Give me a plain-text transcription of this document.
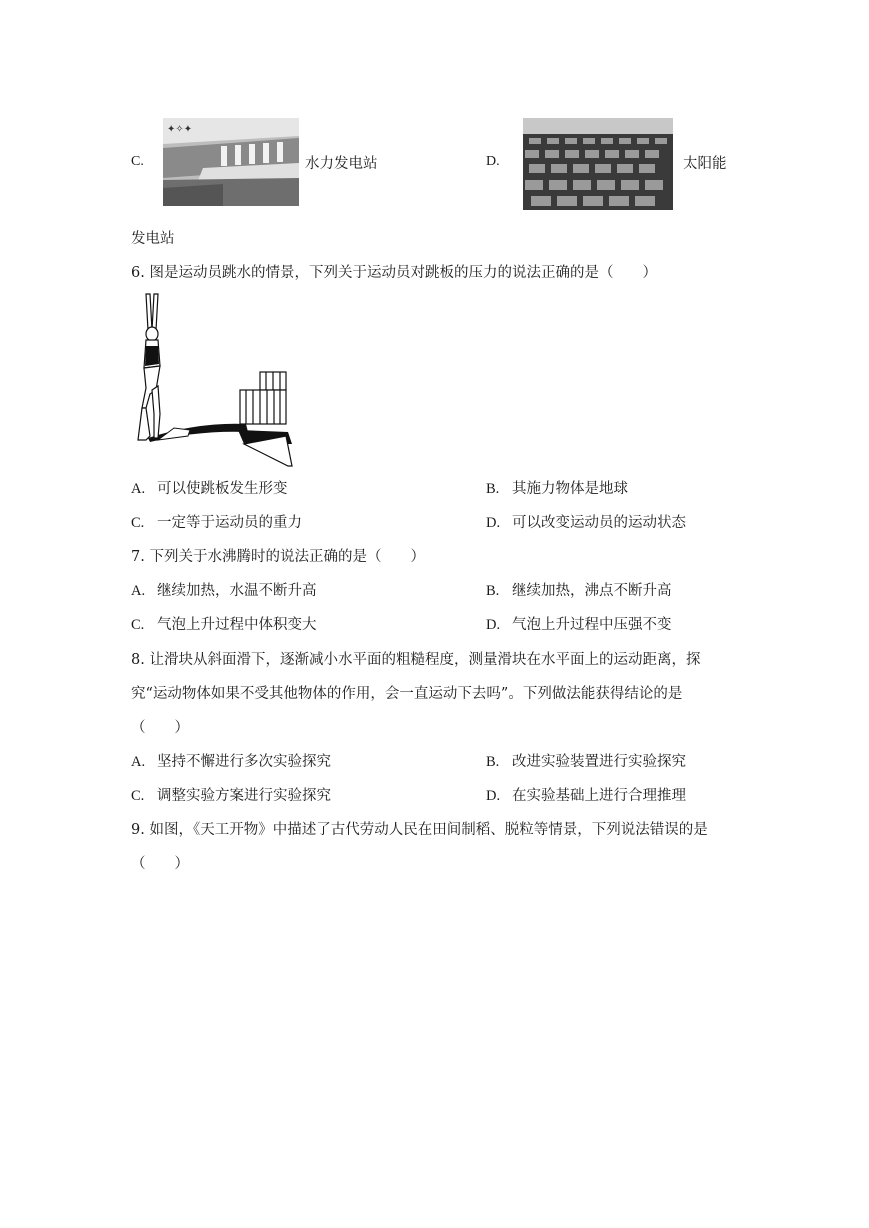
C.
✦✧✦
水力发电站	D.	太阳能
发电站
6. 图是运动员跳水的情景，下列关于运动员对跳板的压力的说法正确的是（　　）
A. 可以使跳板发生形变	B. 其施力物体是地球
C. 一定等于运动员的重力	D. 可以改变运动员的运动状态
7. 下列关于水沸腾时的说法正确的是（　　）
A. 继续加热，水温不断升高	B. 继续加热，沸点不断升高
C. 气泡上升过程中体积变大	D. 气泡上升过程中压强不变
8. 让滑块从斜面滑下，逐渐减小水平面的粗糙程度，测量滑块在水平面上的运动距离，探
究“运动物体如果不受其他物体的作用，会一直运动下去吗”。下列做法能获得结论的是
（　　）
A. 坚持不懈进行多次实验探究	B. 改进实验装置进行实验探究
C. 调整实验方案进行实验探究	D. 在实验基础上进行合理推理
9. 如图，《天工开物》中描述了古代劳动人民在田间制稻、脱粒等情景，下列说法错误的是
（　　）
